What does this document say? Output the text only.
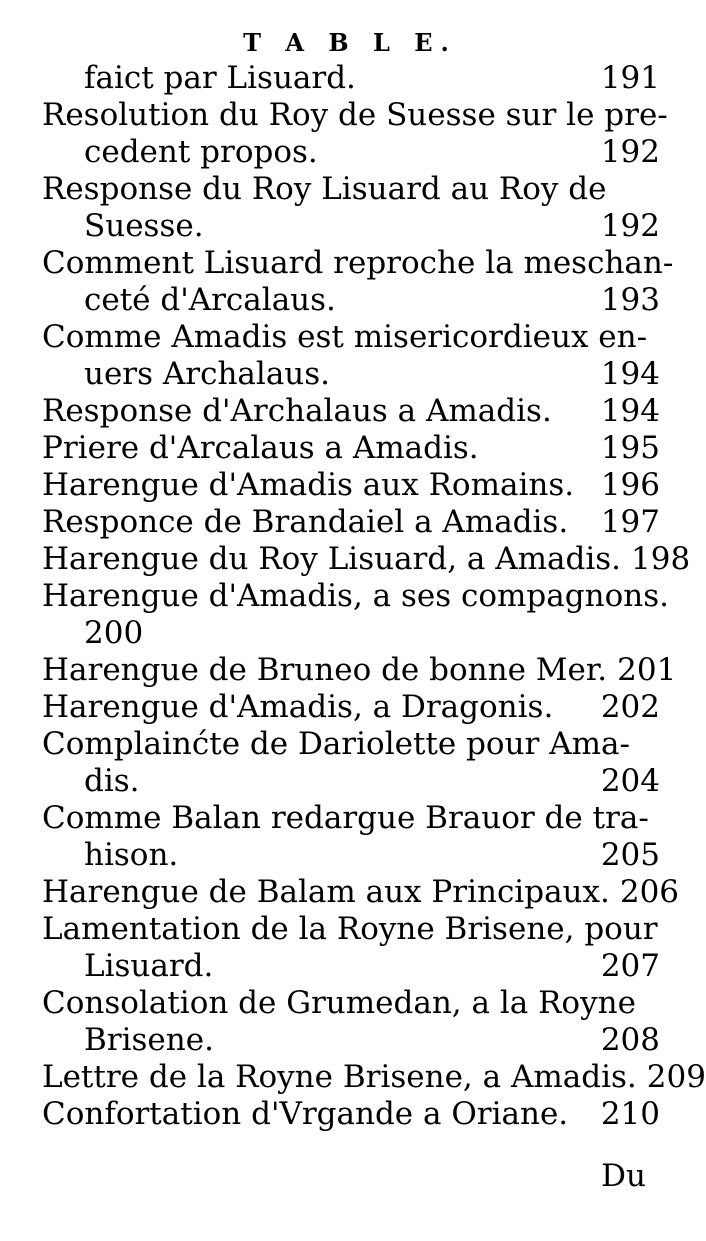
T A B L E.
faict par Lisuard.	191
Resolution du Roy de Suesse sur le pre-
cedent propos.	192
Response du Roy Lisuard au Roy de
Suesse.	192
Comment Lisuard reproche la meschan-
ceté d'Arcalaus.	193
Comme Amadis est misericordieux en-
uers Archalaus.	194
Response d'Archalaus a Amadis.	194
Priere d'Arcalaus a Amadis.	195
Harengue d'Amadis aux Romains. 196
Responce de Brandaiel a Amadis.	197
Harengue du Roy Lisuard, a Amadis. 198
Harengue d'Amadis, a ses compagnons.
200
Harengue de Bruneo de bonne Mer. 201
Harengue d'Amadis, a Dragonis.	202
Complainćte de Dariolette pour Ama-
dis.	204
Comme Balan redargue Brauor de tra-
hison.	205
Harengue de Balam aux Principaux. 206
Lamentation de la Royne Brisene, pour
Lisuard.	207
Consolation de Grumedan, a la Royne
Brisene.	208
Lettre de la Royne Brisene, a Amadis. 209
Confortation d'Vrgande a Oriane.	210
Du
